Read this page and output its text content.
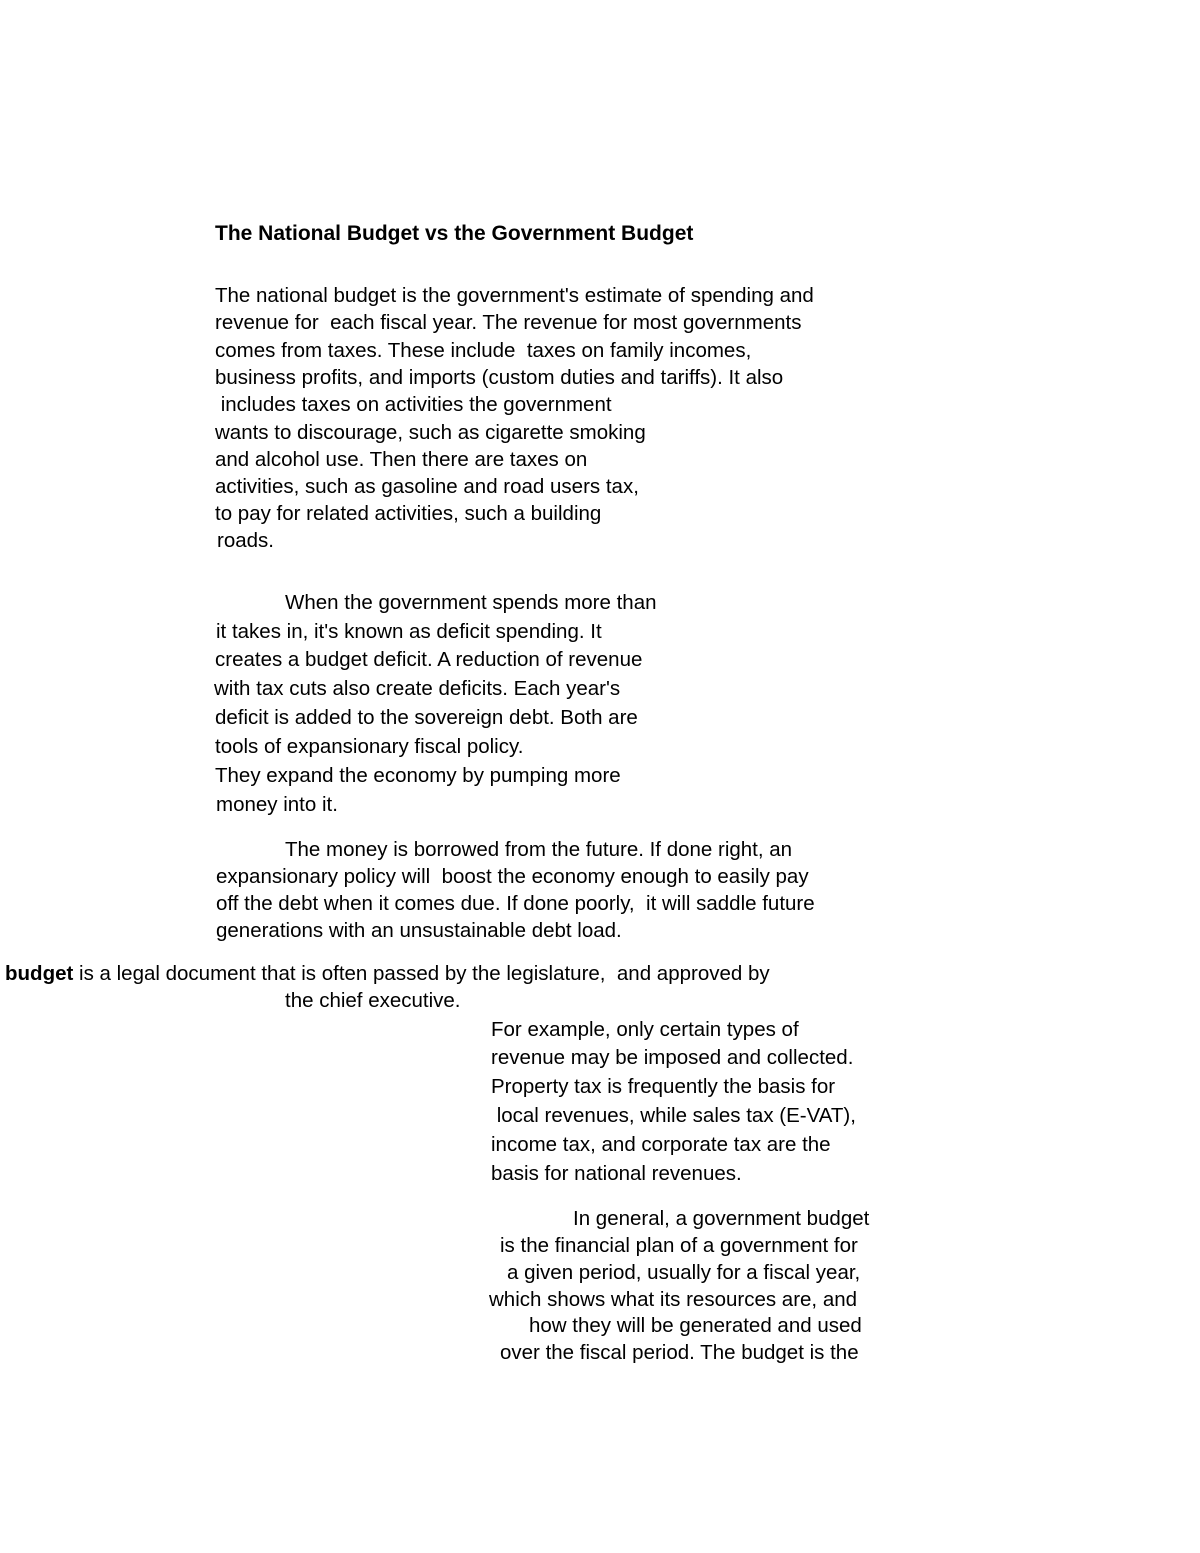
The National Budget vs the Government Budget
The national budget is the government's estimate of spending and
revenue for  each fiscal year. The revenue for most governments
comes from taxes. These include  taxes on family incomes,
business profits, and imports (custom duties and tariffs). It also
includes taxes on activities the government
wants to discourage, such as cigarette smoking
and alcohol use. Then there are taxes on
activities, such as gasoline and road users tax,
to pay for related activities, such a building
roads.
When the government spends more than
it takes in, it's known as deficit spending. It
creates a budget deficit. A reduction of revenue
with tax cuts also create deficits. Each year's
deficit is added to the sovereign debt. Both are
tools of expansionary fiscal policy.
They expand the economy by pumping more
money into it.
The money is borrowed from the future. If done right, an
expansionary policy will  boost the economy enough to easily pay
off the debt when it comes due. If done poorly,  it will saddle future
generations with an unsustainable debt load.
budget is a legal document that is often passed by the legislature,  and approved by
the chief executive.
For example, only certain types of
revenue may be imposed and collected.
Property tax is frequently the basis for
local revenues, while sales tax (E-VAT),
income tax, and corporate tax are the
basis for national revenues.
In general, a government budget
is the financial plan of a government for
a given period, usually for a fiscal year,
which shows what its resources are, and
how they will be generated and used
over the fiscal period. The budget is the
